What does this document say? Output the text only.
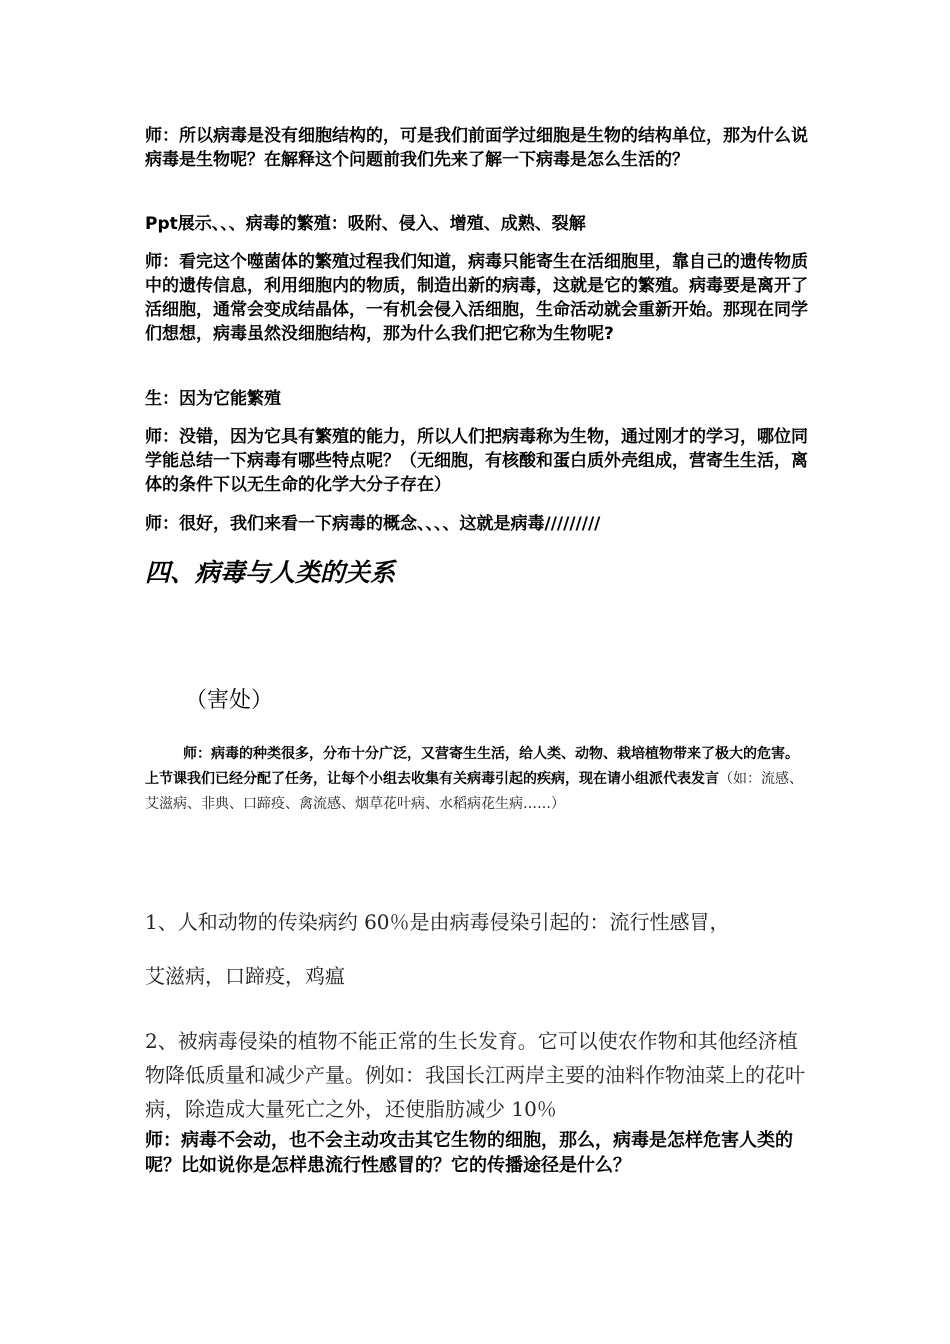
师：所以病毒是没有细胞结构的，可是我们前面学过细胞是生物的结构单位，那为什么说病毒是生物呢？在解释这个问题前我们先来了解一下病毒是怎么生活的？

Ppt展示、、、病毒的繁殖：吸附、侵入、增殖、成熟、裂解

师：看完这个噬菌体的繁殖过程我们知道，病毒只能寄生在活细胞里，靠自己的遗传物质中的遗传信息，利用细胞内的物质，制造出新的病毒，这就是它的繁殖。病毒要是离开了活细胞，通常会变成结晶体，一有机会侵入活细胞，生命活动就会重新开始。那现在同学们想想，病毒虽然没细胞结构，那为什么我们把它称为生物呢?

生：因为它能繁殖

师：没错，因为它具有繁殖的能力，所以人们把病毒称为生物，通过刚才的学习，哪位同学能总结一下病毒有哪些特点呢？（无细胞，有核酸和蛋白质外壳组成，营寄生生活，离体的条件下以无生命的化学大分子存在）

师：很好，我们来看一下病毒的概念、、、、这就是病毒/////////

四、病毒与人类的关系

（害处）

师：病毒的种类很多，分布十分广泛，又营寄生生活，给人类、动物、栽培植物带来了极大的危害。上节课我们已经分配了任务，让每个小组去收集有关病毒引起的疾病，现在请小组派代表发言（如：流感、艾滋病、非典、口蹄疫、禽流感、烟草花叶病、水稻病花生病……）

1、人和动物的传染病约 60％是由病毒侵染引起的：流行性感冒，

艾滋病，口蹄疫，鸡瘟

2、被病毒侵染的植物不能正常的生长发育。它可以使农作物和其他经济植物降低质量和减少产量。例如：我国长江两岸主要的油料作物油菜上的花叶病，除造成大量死亡之外，还使脂肪减少 10％

师：病毒不会动，也不会主动攻击其它生物的细胞，那么，病毒是怎样危害人类的呢？比如说你是怎样患流行性感冒的？它的传播途径是什么？
